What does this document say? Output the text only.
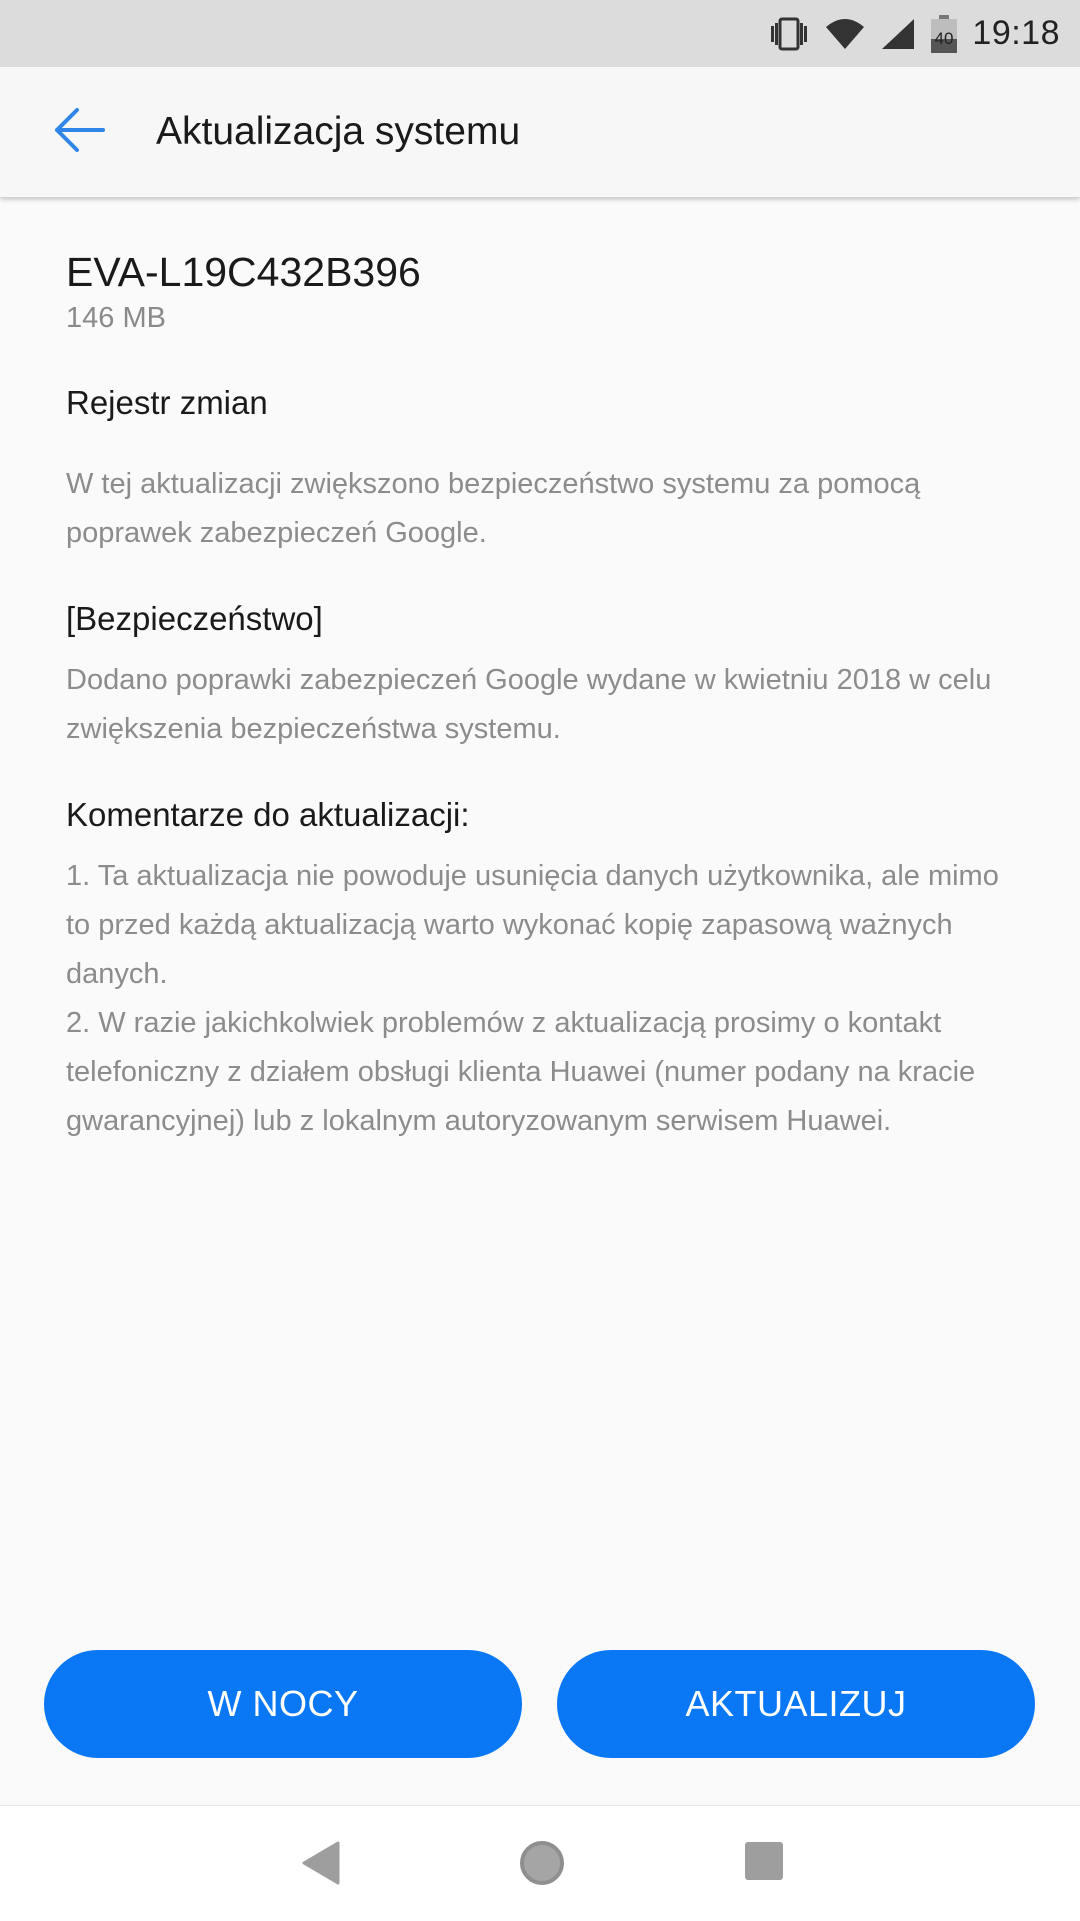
40 19:18
Aktualizacja systemu
EVA-L19C432B396
146 MB
Rejestr zmian
W tej aktualizacji zwiększono bezpieczeństwo systemu za pomocą poprawek zabezpieczeń Google.
[Bezpieczeństwo]
Dodano poprawki zabezpieczeń Google wydane w kwietniu 2018 w celu zwiększenia bezpieczeństwa systemu.
Komentarze do aktualizacji:

1. Ta aktualizacja nie powoduje usunięcia danych użytkownika, ale mimo to przed każdą aktualizacją warto wykonać kopię zapasową ważnych danych.

2. W razie jakichkolwiek problemów z aktualizacją prosimy o kontakt telefoniczny z działem obsługi klienta Huawei (numer podany na kracie gwarancyjnej) lub z lokalnym autoryzowanym serwisem Huawei.

W NOCY	AKTUALIZUJ
